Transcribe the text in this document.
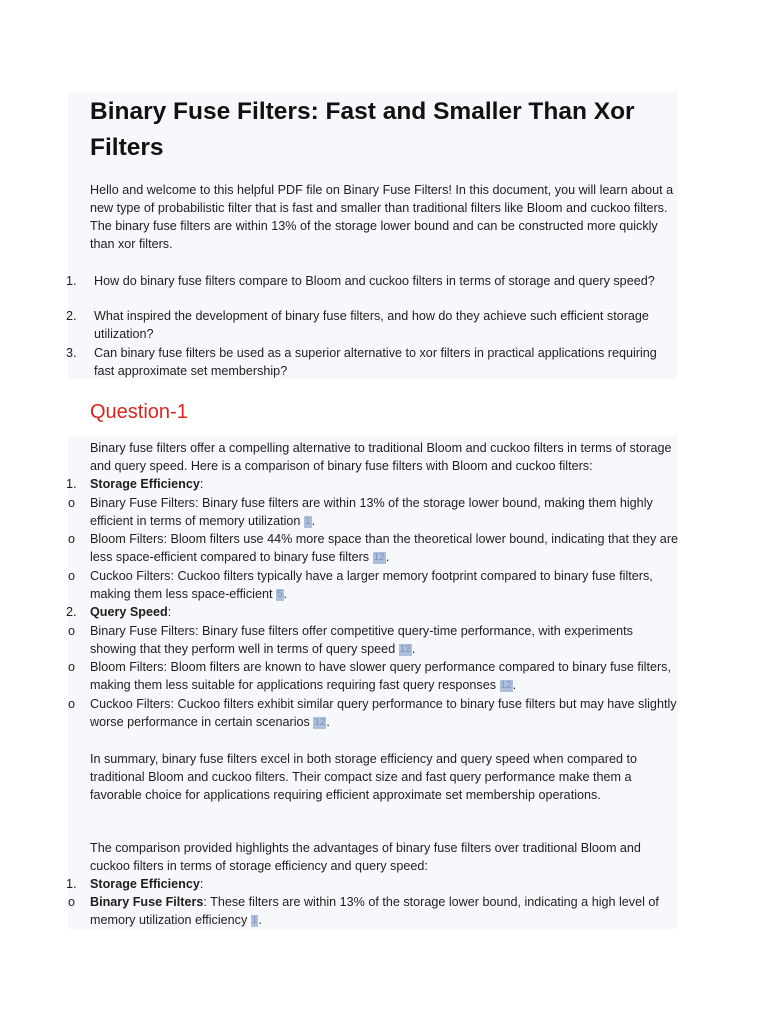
Binary Fuse Filters: Fast and Smaller Than Xor Filters

Hello and welcome to this helpful PDF file on Binary Fuse Filters! In this document, you will learn about a new type of probabilistic filter that is fast and smaller than traditional filters like Bloom and cuckoo filters. The binary fuse filters are within 13% of the storage lower bound and can be constructed more quickly than xor filters.

1.	How do binary fuse filters compare to Bloom and cuckoo filters in terms of storage and query speed?
2.	What inspired the development of binary fuse filters, and how do they achieve such efficient storage utilization?
3.	Can binary fuse filters be used as a superior alternative to xor filters in practical applications requiring fast approximate set membership?
Question-1

Binary fuse filters offer a compelling alternative to traditional Bloom and cuckoo filters in terms of storage and query speed. Here is a comparison of binary fuse filters with Bloom and cuckoo filters:

1.	Storage Efficiency:
o	Binary Fuse Filters: Binary fuse filters are within 13% of the storage lower bound, making them highly efficient in terms of memory utilization 1.
o	Bloom Filters: Bloom filters use 44% more space than the theoretical lower bound, indicating that they are less space-efficient compared to binary fuse filters 12.
o	Cuckoo Filters: Cuckoo filters typically have a larger memory footprint compared to binary fuse filters, making them less space-efficient 5.
2.	Query Speed:
o	Binary Fuse Filters: Binary fuse filters offer competitive query-time performance, with experiments showing that they perform well in terms of query speed 12.
o	Bloom Filters: Bloom filters are known to have slower query performance compared to binary fuse filters, making them less suitable for applications requiring fast query responses 12.
o	Cuckoo Filters: Cuckoo filters exhibit similar query performance to binary fuse filters but may have slightly worse performance in certain scenarios 12.

In summary, binary fuse filters excel in both storage efficiency and query speed when compared to traditional Bloom and cuckoo filters. Their compact size and fast query performance make them a favorable choice for applications requiring efficient approximate set membership operations.

The comparison provided highlights the advantages of binary fuse filters over traditional Bloom and cuckoo filters in terms of storage efficiency and query speed:

1.	Storage Efficiency:
o	Binary Fuse Filters: These filters are within 13% of the storage lower bound, indicating a high level of memory utilization efficiency 1.
